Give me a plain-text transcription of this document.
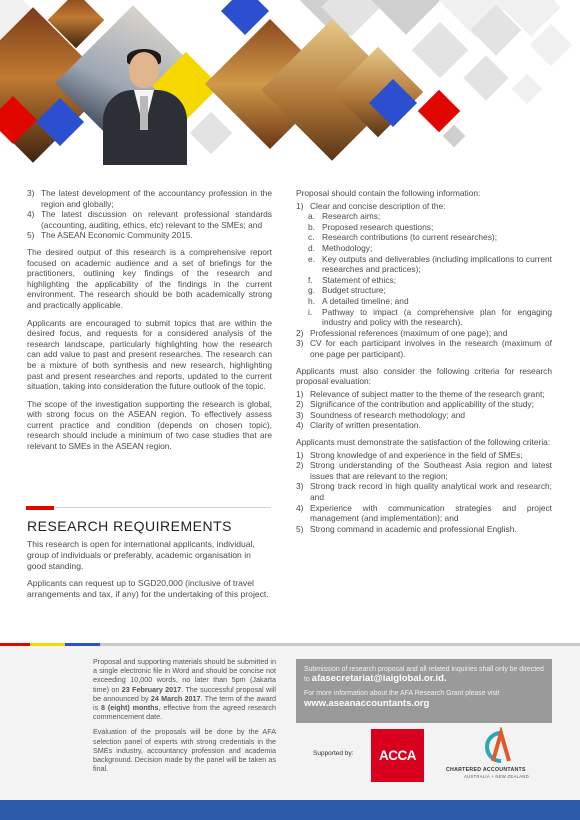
3) The latest development of the accountancy profession in the region and globally;
4) The latest discussion on relevant professional standards (accounting, auditing, ethics, etc) relevant to the SMEs; and
5) The ASEAN Economic Community 2015.

The desired output of this research is a comprehensive report focused on academic audience and a set of briefings for the practitioners, outlining key findings of the research and highlighting the applicability of the findings in the current environment. The research should be both academically strong and practically applicable.

Applicants are encouraged to submit topics that are within the desired focus, and requests for a considered analysis of the research landscape, particularly highlighting how the research can add value to past and present researches. The research can be a mixture of both synthesis and new research, highlighting past and present researches and reports, updated to the current situation, taking into consideration the future outlook of the topic.

The scope of the investigation supporting the research is global, with strong focus on the ASEAN region. To effectively assess current practice and condition (depends on chosen topic), research should include a minimum of two case studies that are relevant to SMEs in the ASEAN region.

RESEARCH REQUIREMENTS

This research is open for international applicants, individual, group of individuals or preferably, academic organisation in good standing.

Applicants can request up to SGD20,000 (inclusive of travel arrangements and tax, if any) for the undertaking of this project.

Proposal should contain the following information:

1) Clear and concise description of the:
a. Research aims;
b. Proposed research questions;
c. Research contributions (to current researches);
d. Methodology;
e. Key outputs and deliverables (including implications to current researches and practices);
f. Statement of ethics;
g. Budget structure;
h. A detailed timeline; and
i. Pathway to impact (a comprehensive plan for engaging industry and policy with the research).
2) Professional references (maximum of one page); and
3) CV for each participant involves in the research (maximum of one page per participant).

Applicants must also consider the following criteria for research proposal evaluation:

1) Relevance of subject matter to the theme of the research grant;
2) Significance of the contribution and applicability of the study;
3) Soundness of research methodology; and
4) Clarity of written presentation.

Applicants must demonstrate the satisfaction of the following criteria:

1) Strong knowledge of and experience in the field of SMEs;
2) Strong understanding of the Southeast Asia region and latest issues that are relevant to the region;
3) Strong track record in high quality analytical work and research; and
4) Experience with communication strategies and project management (and implementation); and
5) Strong command in academic and professional English.

Proposal and supporting materials should be submitted in a single electronic file in Word and should be concise not exceeding 10,000 words, no later than 5pm (Jakarta time) on 23 February 2017. The successful proposal will be announced by 24 March 2017. The term of the award is 8 (eight) months, effective from the agreed research commencement date.

Evaluation of the proposals will be done by the AFA selection panel of experts with strong credentials in the SMEs industry, accountancy profession and academia background. Decision made by the panel will be taken as final.

Submission of research proposal and all related inquiries shall only be directed to afasecretariat@iaiglobal.or.id.

For more information about the AFA Research Grant please visit

www.aseanaccountants.org
Supported by:	ACCA
CHARTERED ACCOUNTANTS
AUSTRALIA + NEW ZEALAND
